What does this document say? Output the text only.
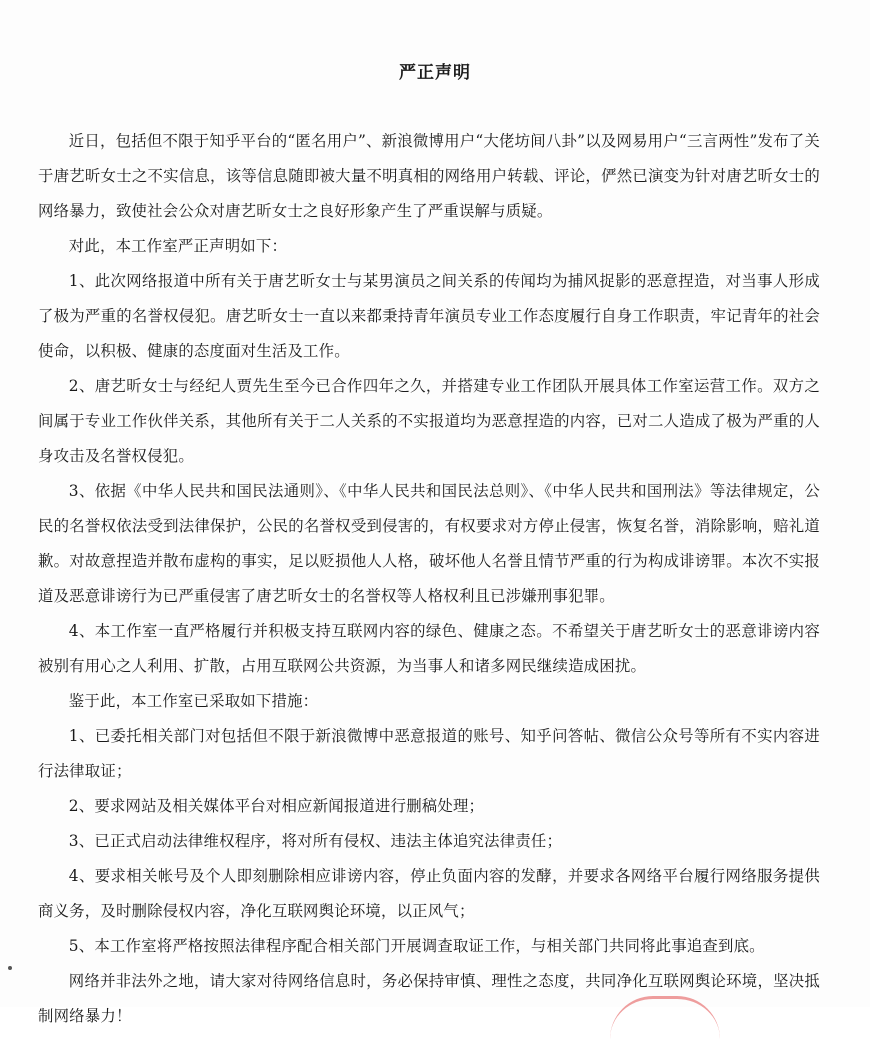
严正声明

近日，包括但不限于知乎平台的“匿名用户”、新浪微博用户“大佬坊间八卦”以及网易用户“三言两性”发布了关于唐艺昕女士之不实信息，该等信息随即被大量不明真相的网络用户转载、评论，俨然已演变为针对唐艺昕女士的网络暴力，致使社会公众对唐艺昕女士之良好形象产生了严重误解与质疑。

对此，本工作室严正声明如下：

1、此次网络报道中所有关于唐艺昕女士与某男演员之间关系的传闻均为捕风捉影的恶意捏造，对当事人形成了极为严重的名誉权侵犯。唐艺昕女士一直以来都秉持青年演员专业工作态度履行自身工作职责，牢记青年的社会使命，以积极、健康的态度面对生活及工作。

2、唐艺昕女士与经纪人贾先生至今已合作四年之久，并搭建专业工作团队开展具体工作室运营工作。双方之间属于专业工作伙伴关系，其他所有关于二人关系的不实报道均为恶意捏造的内容，已对二人造成了极为严重的人身攻击及名誉权侵犯。

3、依据《中华人民共和国民法通则》、《中华人民共和国民法总则》、《中华人民共和国刑法》等法律规定，公民的名誉权依法受到法律保护，公民的名誉权受到侵害的，有权要求对方停止侵害，恢复名誉，消除影响，赔礼道歉。对故意捏造并散布虚构的事实，足以贬损他人人格，破坏他人名誉且情节严重的行为构成诽谤罪。本次不实报道及恶意诽谤行为已严重侵害了唐艺昕女士的名誉权等人格权利且已涉嫌刑事犯罪。

4、本工作室一直严格履行并积极支持互联网内容的绿色、健康之态。不希望关于唐艺昕女士的恶意诽谤内容被别有用心之人利用、扩散，占用互联网公共资源，为当事人和诸多网民继续造成困扰。

鉴于此，本工作室已采取如下措施：

1、已委托相关部门对包括但不限于新浪微博中恶意报道的账号、知乎问答帖、微信公众号等所有不实内容进行法律取证；

2、要求网站及相关媒体平台对相应新闻报道进行删稿处理；

3、已正式启动法律维权程序，将对所有侵权、违法主体追究法律责任；

4、要求相关帐号及个人即刻删除相应诽谤内容，停止负面内容的发酵，并要求各网络平台履行网络服务提供商义务，及时删除侵权内容，净化互联网舆论环境，以正风气；

5、本工作室将严格按照法律程序配合相关部门开展调查取证工作，与相关部门共同将此事追查到底。

网络并非法外之地，请大家对待网络信息时，务必保持审慎、理性之态度，共同净化互联网舆论环境，坚决抵制网络暴力！
